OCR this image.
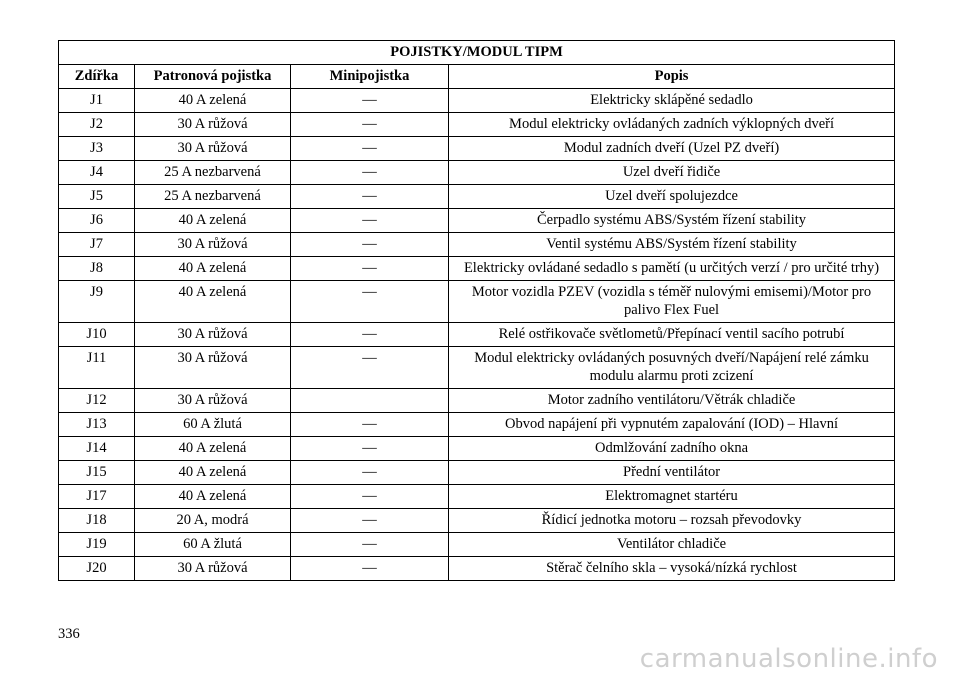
POJISTKY/MODUL TIPM			
Zdířka	Patronová pojistka	Minipojistka	Popis
J1	40 A zelená	—	Elektricky sklápěné sedadlo
J2	30 A růžová	—	Modul elektricky ovládaných zadních výklopných dveří
J3	30 A růžová	—	Modul zadních dveří (Uzel PZ dveří)
J4	25 A nezbarvená	—	Uzel dveří řidiče
J5	25 A nezbarvená	—	Uzel dveří spolujezdce
J6	40 A zelená	—	Čerpadlo systému ABS/Systém řízení stability
J7	30 A růžová	—	Ventil systému ABS/Systém řízení stability
J8	40 A zelená	—	Elektricky ovládané sedadlo s pamětí (u určitých verzí / pro určité trhy)
J9	40 A zelená	—	Motor vozidla PZEV (vozidla s téměř nulovými emisemi)/Motor pro palivo Flex Fuel
J10	30 A růžová	—	Relé ostřikovače světlometů/Přepínací ventil sacího potrubí
J11	30 A růžová	—	Modul elektricky ovládaných posuvných dveří/Napájení relé zámku modulu alarmu proti zcizení
J12	30 A růžová		Motor zadního ventilátoru/Větrák chladiče
J13	60 A žlutá	—	Obvod napájení při vypnutém zapalování (IOD) – Hlavní
J14	40 A zelená	—	Odmlžování zadního okna
J15	40 A zelená	—	Přední ventilátor
J17	40 A zelená	—	Elektromagnet startéru
J18	20 A, modrá	—	Řídicí jednotka motoru – rozsah převodovky
J19	60 A žlutá	—	Ventilátor chladiče
J20	30 A růžová	—	Stěrač čelního skla – vysoká/nízká rychlost
336
carmanualsonline.info
